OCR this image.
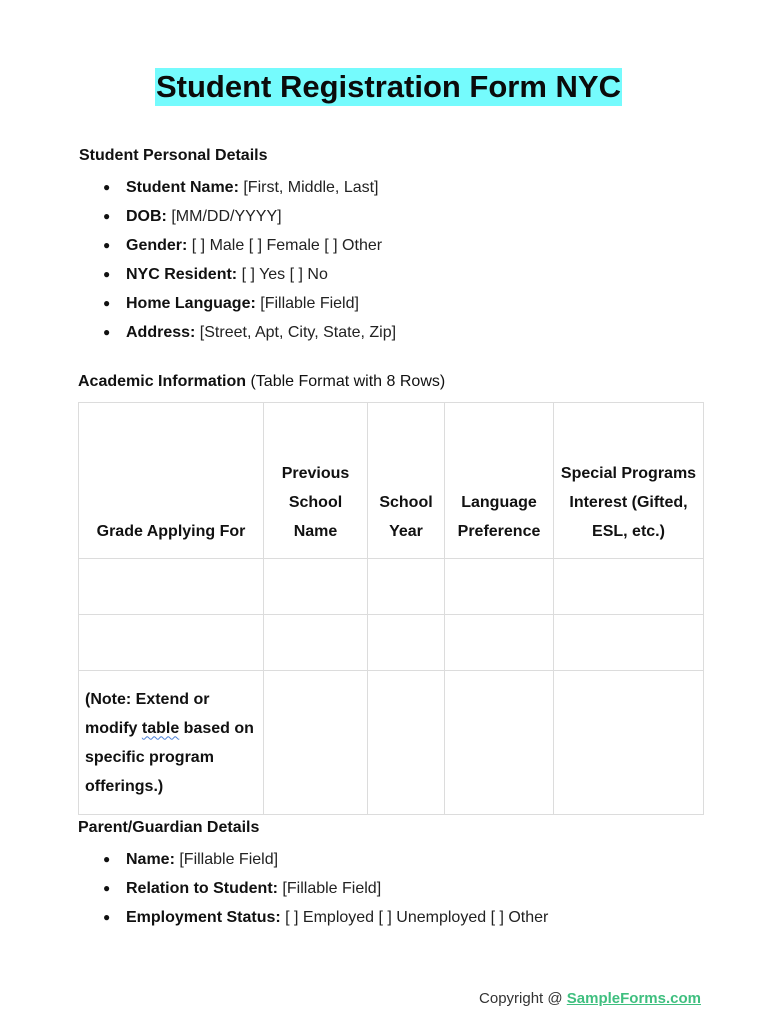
Student Registration Form NYC
Student Personal Details
● Student Name: [First, Middle, Last]
● DOB: [MM/DD/YYYY]
● Gender: [ ] Male [ ] Female [ ] Other
● NYC Resident: [ ] Yes [ ] No
● Home Language: [Fillable Field]
● Address: [Street, Apt, City, State, Zip]
Academic Information (Table Format with 8 Rows)
Grade Applying For	Previous School Name	School Year	Language Preference	Special Programs Interest (Gifted, ESL, etc.)

(Note: Extend or modify table based on specific program offerings.)				
Parent/Guardian Details
● Name: [Fillable Field]
● Relation to Student: [Fillable Field]
● Employment Status: [ ] Employed [ ] Unemployed [ ] Other
Copyright @ SampleForms.com
